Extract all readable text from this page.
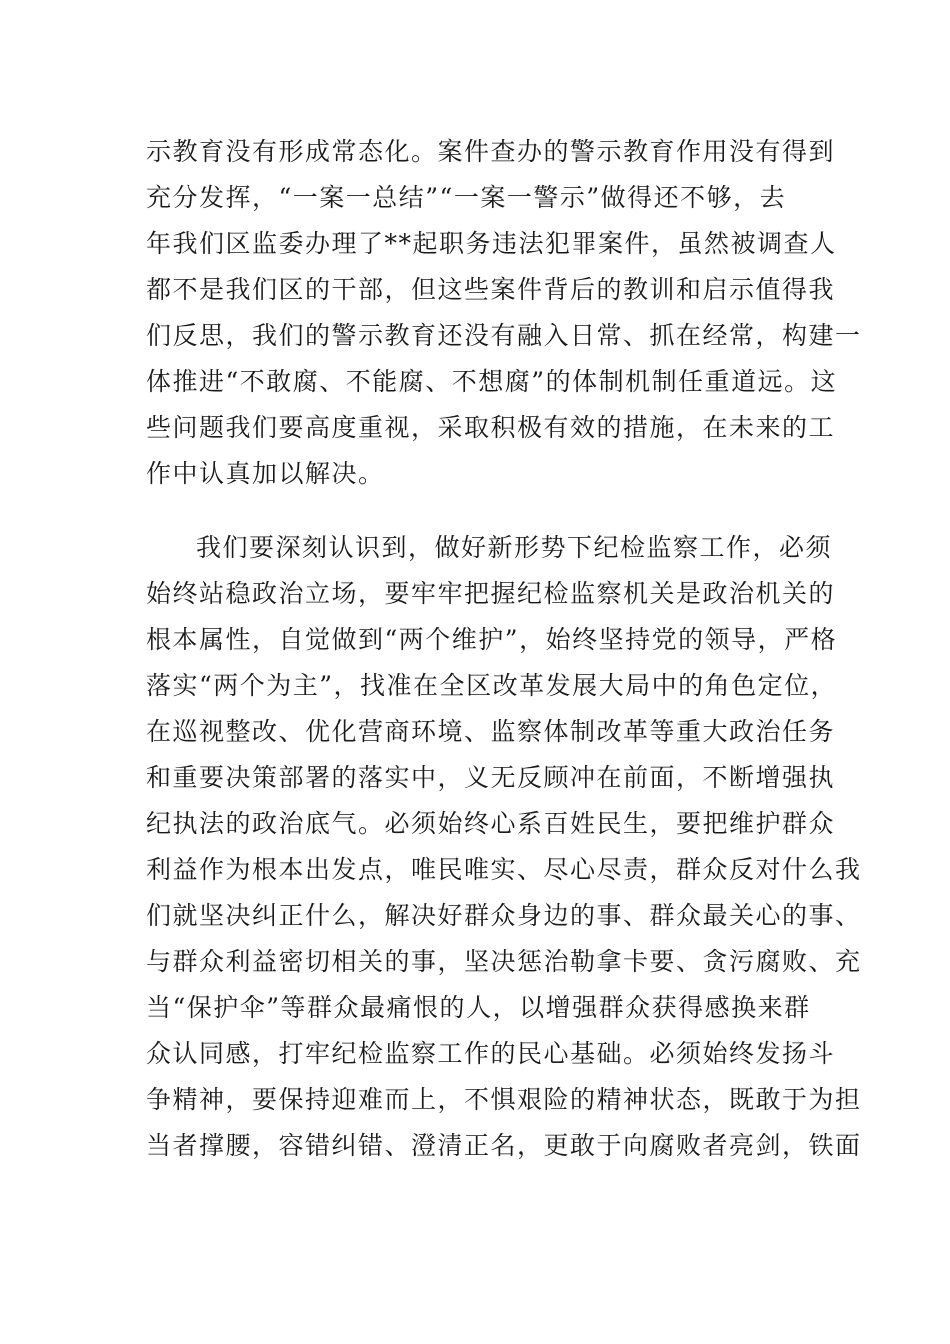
示教育没有形成常态化。案件查办的警示教育作用没有得到
充分发挥，“一案一总结”“一案一警示”做得还不够，去
年我们区监委办理了**起职务违法犯罪案件，虽然被调查人
都不是我们区的干部，但这些案件背后的教训和启示值得我
们反思，我们的警示教育还没有融入日常、抓在经常，构建一
体推进“不敢腐、不能腐、不想腐”的体制机制任重道远。这
些问题我们要高度重视，采取积极有效的措施，在未来的工
作中认真加以解决。
我们要深刻认识到，做好新形势下纪检监察工作，必须
始终站稳政治立场，要牢牢把握纪检监察机关是政治机关的
根本属性，自觉做到“两个维护”，始终坚持党的领导，严格
落实“两个为主”，找准在全区改革发展大局中的角色定位，
在巡视整改、优化营商环境、监察体制改革等重大政治任务
和重要决策部署的落实中，义无反顾冲在前面，不断增强执
纪执法的政治底气。必须始终心系百姓民生，要把维护群众
利益作为根本出发点，唯民唯实、尽心尽责，群众反对什么我
们就坚决纠正什么，解决好群众身边的事、群众最关心的事、
与群众利益密切相关的事，坚决惩治勒拿卡要、贪污腐败、充
当“保护伞”等群众最痛恨的人，以增强群众获得感换来群
众认同感，打牢纪检监察工作的民心基础。必须始终发扬斗
争精神，要保持迎难而上，不惧艰险的精神状态，既敢于为担
当者撑腰，容错纠错、澄清正名，更敢于向腐败者亮剑，铁面
